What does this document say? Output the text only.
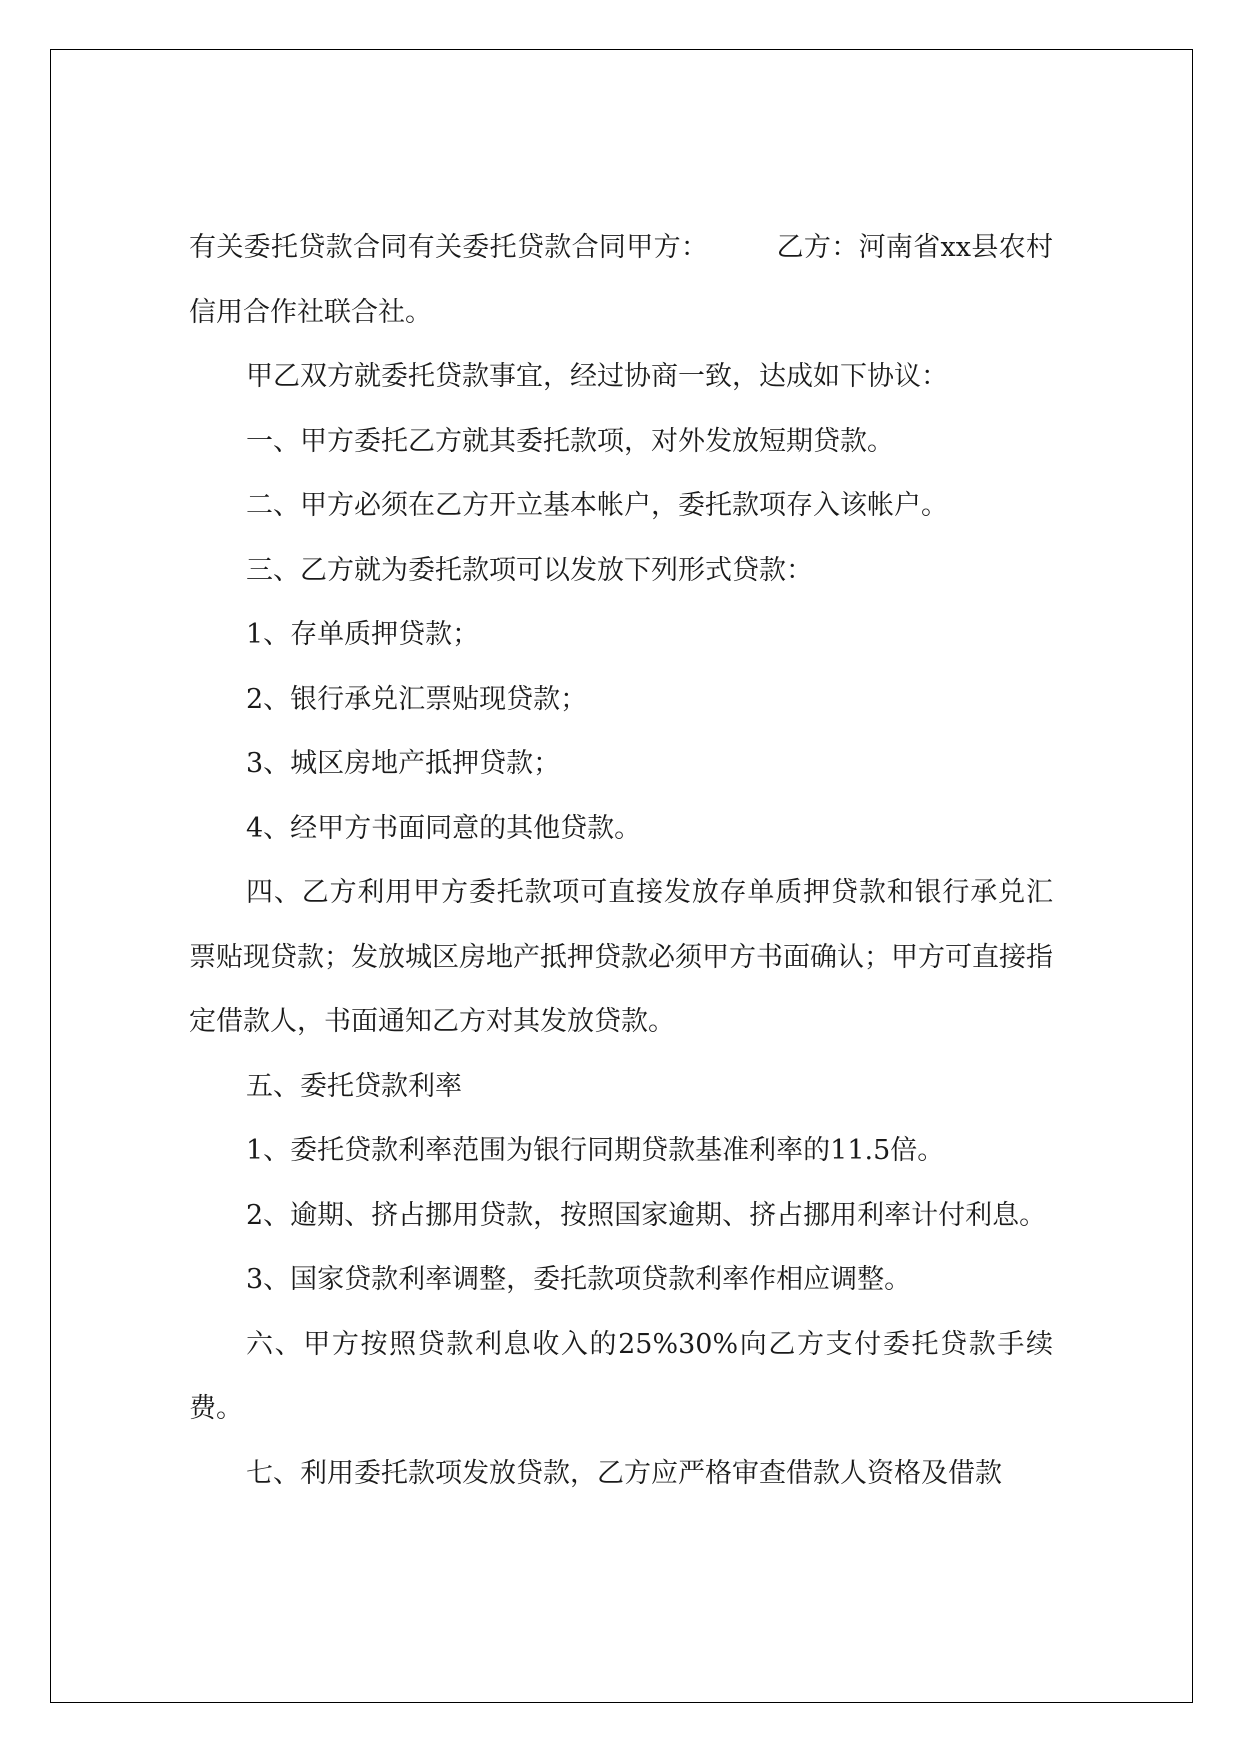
有关委托贷款合同有关委托贷款合同甲方：	乙方：河南省xx县农村信用合作社联合社。

甲乙双方就委托贷款事宜，经过协商一致，达成如下协议：

一、甲方委托乙方就其委托款项，对外发放短期贷款。

二、甲方必须在乙方开立基本帐户，委托款项存入该帐户。

三、乙方就为委托款项可以发放下列形式贷款：

1、存单质押贷款；

2、银行承兑汇票贴现贷款；

3、城区房地产抵押贷款；

4、经甲方书面同意的其他贷款。

四、乙方利用甲方委托款项可直接发放存单质押贷款和银行承兑汇票贴现贷款；发放城区房地产抵押贷款必须甲方书面确认；甲方可直接指定借款人，书面通知乙方对其发放贷款。

五、委托贷款利率

1、委托贷款利率范围为银行同期贷款基准利率的11.5倍。

2、逾期、挤占挪用贷款，按照国家逾期、挤占挪用利率计付利息。

3、国家贷款利率调整，委托款项贷款利率作相应调整。

六、甲方按照贷款利息收入的25%30%向乙方支付委托贷款手续费。

七、利用委托款项发放贷款，乙方应严格审查借款人资格及借款
